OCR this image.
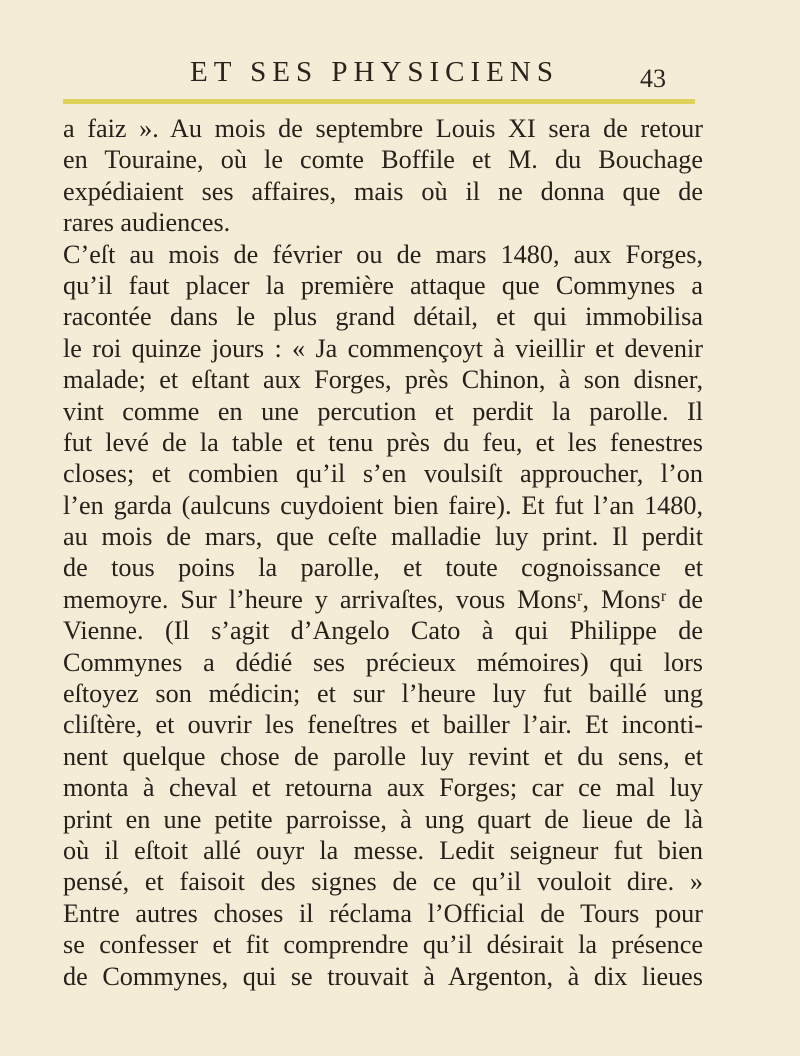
ET SES PHYSICIENS	43
a faiz ». Au mois de septembre Louis XI sera de retour
en Touraine, où le comte Boffile et M. du Bouchage
expédiaient ses affaires, mais où il ne donna que de
rares audiences.
C’eſt au mois de février ou de mars 1480, aux Forges,
qu’il faut placer la première attaque que Commynes a
racontée dans le plus grand détail, et qui immobilisa
le roi quinze jours : « Ja commençoyt à vieillir et devenir
malade; et eſtant aux Forges, près Chinon, à son disner,
vint comme en une percution et perdit la parolle. Il
fut levé de la table et tenu près du feu, et les fenestres
closes; et combien qu’il s’en voulsiſt approucher, l’on
l’en garda (aulcuns cuydoient bien faire). Et fut l’an 1480,
au mois de mars, que ceſte malladie luy print. Il perdit
de tous poins la parolle, et toute cognoissance et
memoyre. Sur l’heure y arrivaſtes, vous Monsʳ, Monsʳ de
Vienne. (Il s’agit d’Angelo Cato à qui Philippe de
Commynes a dédié ses précieux mémoires) qui lors
eſtoyez son médicin; et sur l’heure luy fut baillé ung
cliſtère, et ouvrir les feneſtres et bailler l’air. Et inconti-
nent quelque chose de parolle luy revint et du sens, et
monta à cheval et retourna aux Forges; car ce mal luy
print en une petite parroisse, à ung quart de lieue de là
où il eſtoit allé ouyr la messe. Ledit seigneur fut bien
pensé, et faisoit des signes de ce qu’il vouloit dire. »
Entre autres choses il réclama l’Official de Tours pour
se confesser et fit comprendre qu’il désirait la présence
de Commynes, qui se trouvait à Argenton, à dix lieues
